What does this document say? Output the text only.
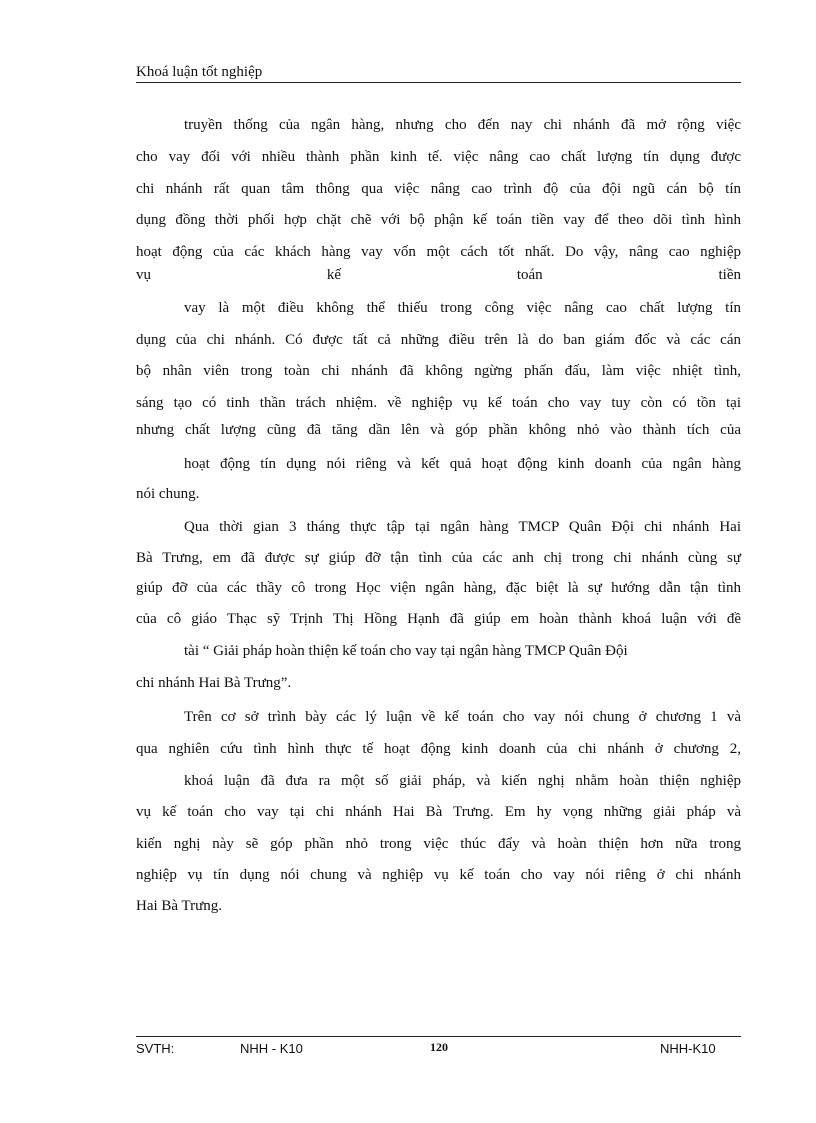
Khoá luận tốt nghiệp
truyền thống của ngân hàng, nhưng cho đến nay chi nhánh đã mở rộng việc
cho vay đối với nhiều thành phần kinh tế. việc nâng cao chất lượng tín dụng được
chi nhánh rất quan tâm thông qua việc nâng cao trình độ của đội ngũ cán bộ tín
dụng đồng thời phối hợp chặt chẽ với bộ phận kế toán tiền vay để theo dõi tình hình
hoạt động của các khách hàng vay vốn một cách tốt nhất. Do vậy, nâng cao nghiệp
vụ kế toán tiền
vay là một điều không thể thiếu trong công việc nâng cao chất lượng tín
dụng của chi nhánh. Có được tất cả những điều trên là do ban giám đốc và các cán
bộ nhân viên trong toàn chi nhánh đã không ngừng phấn đấu, làm việc nhiệt tình,
sáng tạo có tinh thần trách nhiệm. về nghiệp vụ kế toán cho vay tuy còn có tồn tại
nhưng chất lượng cũng đã tăng dần lên và góp phần không nhỏ vào thành tích của
hoạt động tín dụng nói riêng và kết quả hoạt động kinh doanh của ngân hàng
nói chung.
Qua thời gian 3 tháng thực tập tại ngân hàng TMCP Quân Đội chi nhánh Hai
Bà Trưng, em đã được sự giúp đỡ tận tình của các anh chị trong chi nhánh cùng sự
giúp đỡ của các thầy cô trong Học viện ngân hàng, đặc biệt là sự hướng dẫn tận tình
của cô giáo Thạc sỹ Trịnh Thị Hồng Hạnh đã giúp em hoàn thành khoá luận với đề
tài “ Giải pháp hoàn thiện kế toán cho vay tại ngân hàng TMCP Quân Đội
chi nhánh Hai Bà Trưng”.
Trên cơ sở trình bày các lý luận về kế toán cho vay nói chung ở chương 1 và
qua nghiên cứu tình hình thực tế hoạt động kinh doanh của chi nhánh ở chương 2,
khoá luận đã đưa ra một số giải pháp, và kiến nghị nhằm hoàn thiện nghiệp
vụ kế toán cho vay tại chi nhánh Hai Bà Trưng. Em hy vọng những giải pháp và
kiến nghị này sẽ góp phần nhỏ trong việc thúc đẩy và hoàn thiện hơn nữa trong
nghiệp vụ tín dụng nói chung và nghiệp vụ kế toán cho vay nói riêng ở chi nhánh
Hai Bà Trưng.
SVTH:	NHH - K10	120	NHH-K10
